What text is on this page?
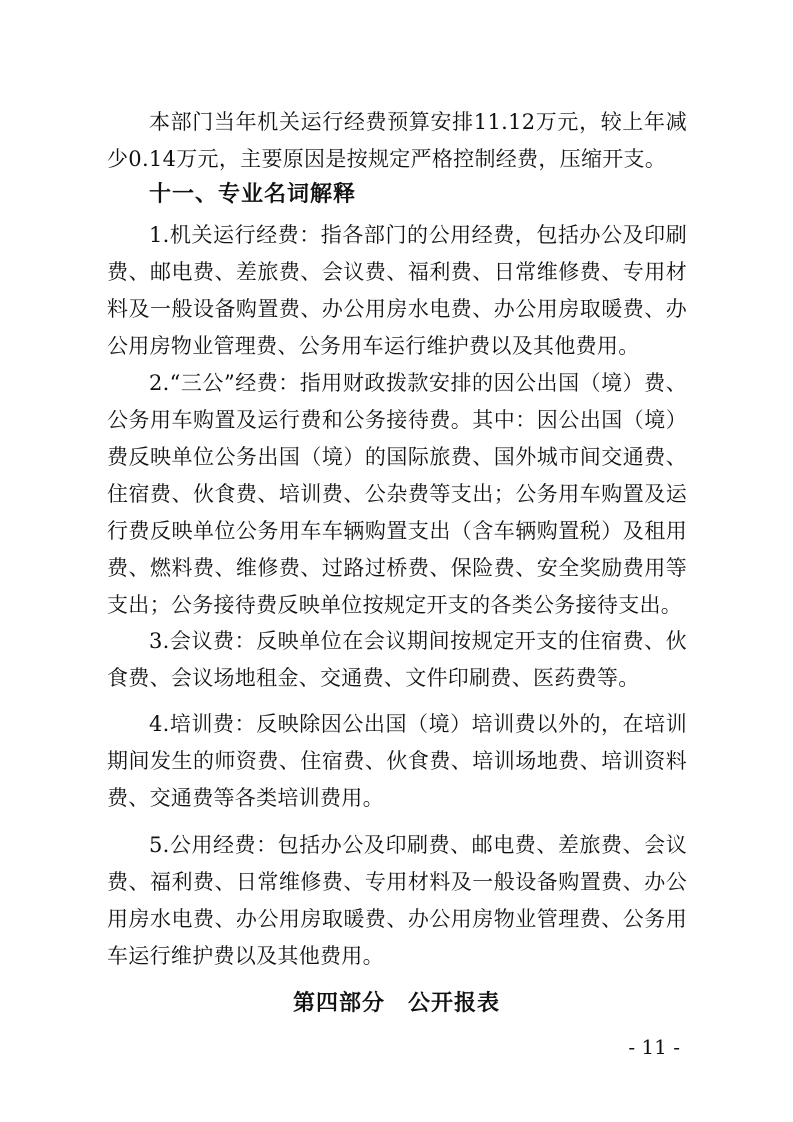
本部门当年机关运行经费预算安排11.12万元，较上年减少0.14万元，主要原因是按规定严格控制经费，压缩开支。

十一、专业名词解释

1.机关运行经费：指各部门的公用经费，包括办公及印刷费、邮电费、差旅费、会议费、福利费、日常维修费、专用材料及一般设备购置费、办公用房水电费、办公用房取暖费、办公用房物业管理费、公务用车运行维护费以及其他费用。

2.“三公”经费：指用财政拨款安排的因公出国（境）费、公务用车购置及运行费和公务接待费。其中：因公出国（境）费反映单位公务出国（境）的国际旅费、国外城市间交通费、住宿费、伙食费、培训费、公杂费等支出；公务用车购置及运行费反映单位公务用车车辆购置支出（含车辆购置税）及租用费、燃料费、维修费、过路过桥费、保险费、安全奖励费用等支出；公务接待费反映单位按规定开支的各类公务接待支出。

3.会议费：反映单位在会议期间按规定开支的住宿费、伙食费、会议场地租金、交通费、文件印刷费、医药费等。

4.培训费：反映除因公出国（境）培训费以外的，在培训期间发生的师资费、住宿费、伙食费、培训场地费、培训资料费、交通费等各类培训费用。

5.公用经费：包括办公及印刷费、邮电费、差旅费、会议费、福利费、日常维修费、专用材料及一般设备购置费、办公用房水电费、办公用房取暖费、办公用房物业管理费、公务用车运行维护费以及其他费用。

第四部分　公开报表
- 11 -
